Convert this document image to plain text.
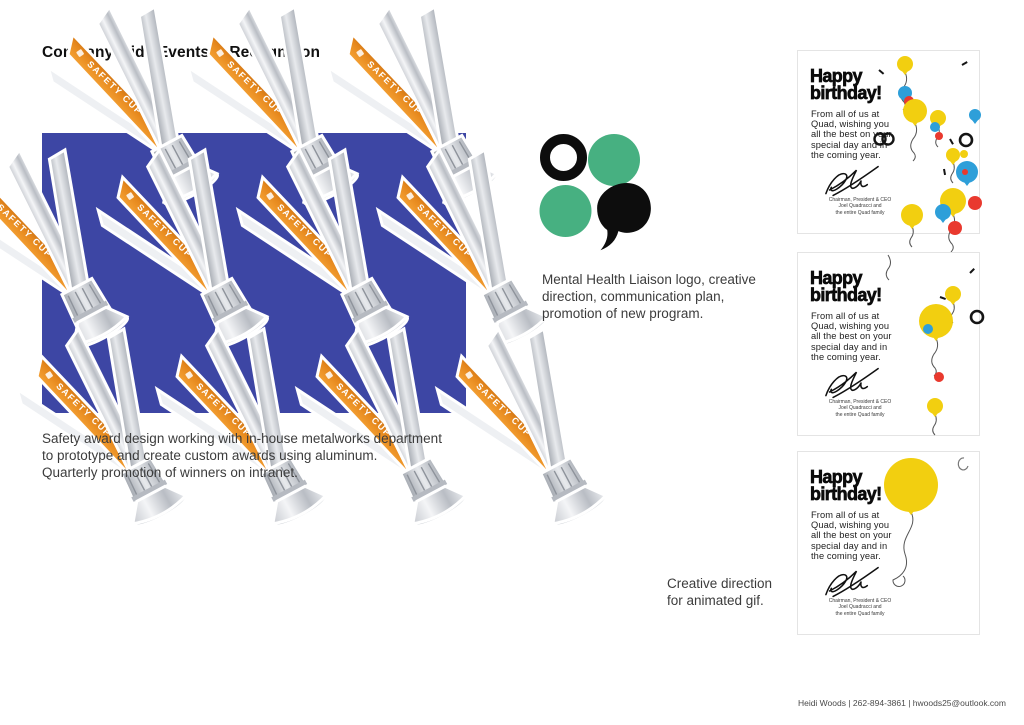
Company-wide Events & Recognition
SAFETY CUP
Safety award design working with in-house metalworks department
to prototype and create custom awards using aluminum.
Quarterly promotion of winners on intranet.
Mental Health Liaison logo, creative
direction, communication plan,
promotion of new program.
Happy
birthday!
From all of us at
Quad, wishing you
all the best on your
special day and in
the coming year.
Chairman, President & CEO
Joel Quadracci and
the entire Quad family
Happy
birthday!
From all of us at
Quad, wishing you
all the best on your
special day and in
the coming year.
Chairman, President & CEO
Joel Quadracci and
the entire Quad family
Happy
birthday!
From all of us at
Quad, wishing you
all the best on your
special day and in
the coming year.
Chairman, President & CEO
Joel Quadracci and
the entire Quad family
Creative direction
for animated gif.
Heidi Woods | 262-894-3861 | hwoods25@outlook.com
